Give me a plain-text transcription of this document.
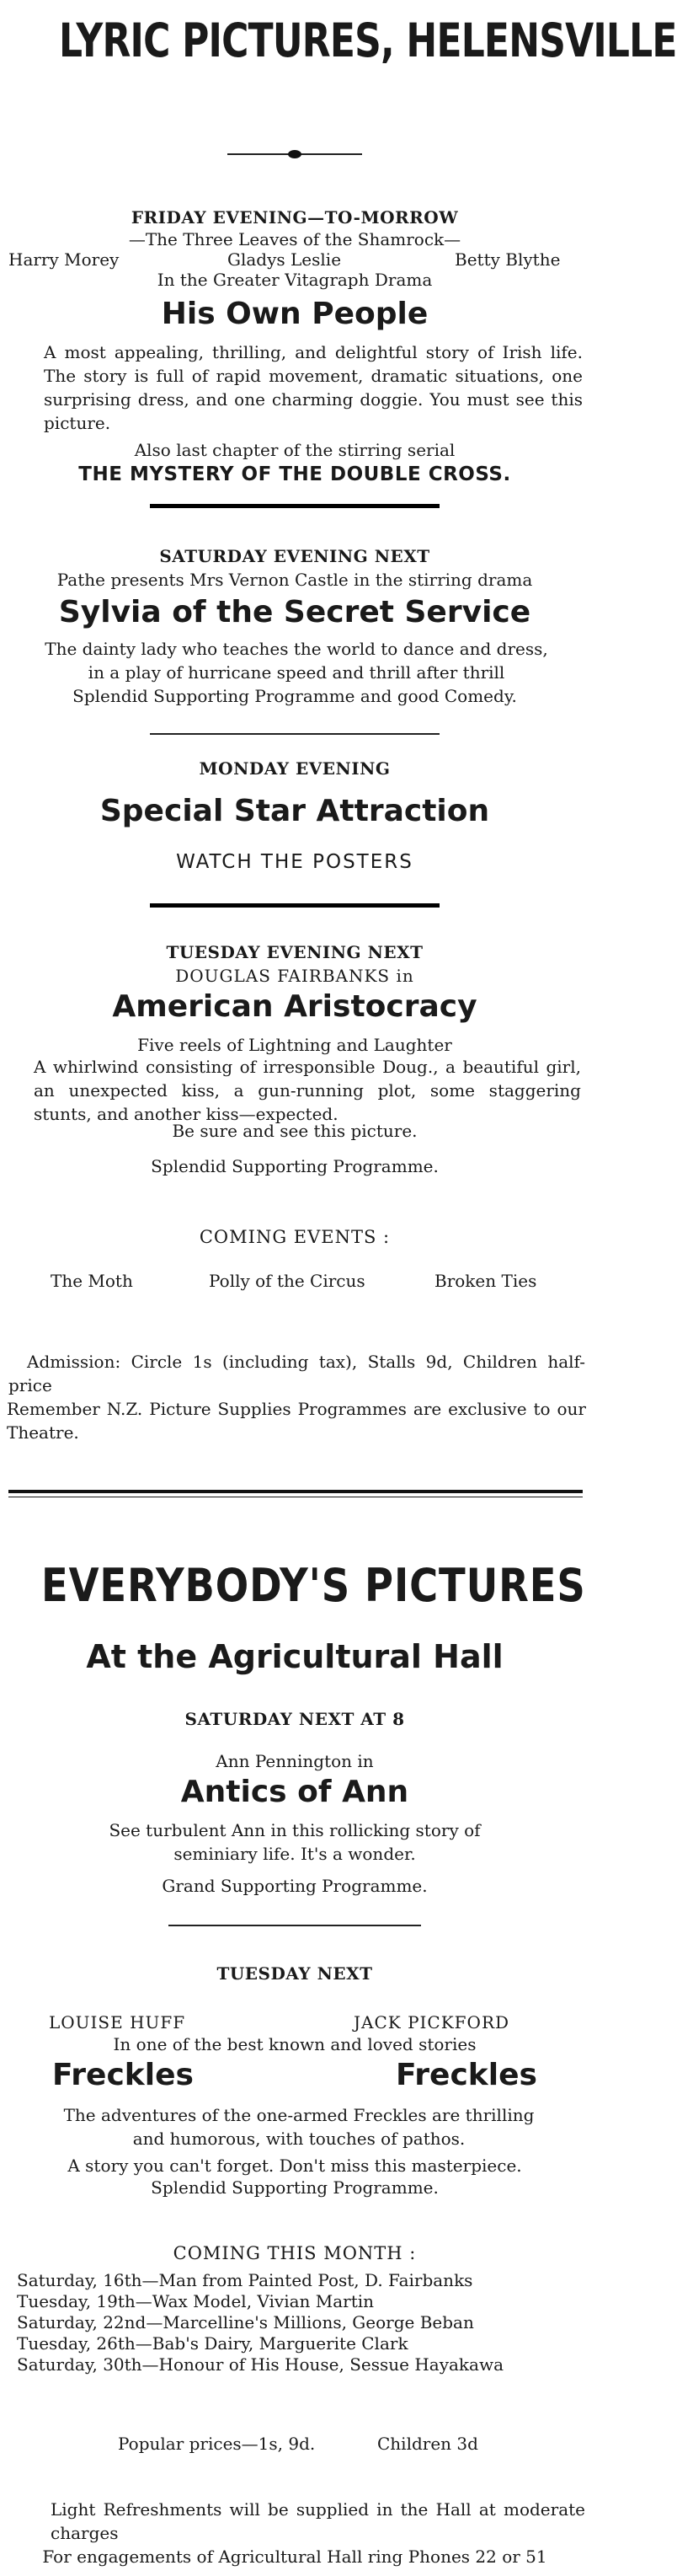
LYRIC PICTURES, HELENSVILLE
FRIDAY EVENING—TO-MORROW
—The Three Leaves of the Shamrock—
Harry Morey	Gladys Leslie	Betty Blythe
In the Greater Vitagraph Drama
His Own People
A most appealing, thrilling, and delightful story of Irish life. The story is full of rapid movement, dramatic situations, one surprising dress, and one charming doggie. You must see this picture.
Also last chapter of the stirring serial
THE MYSTERY OF THE DOUBLE CROSS.
SATURDAY EVENING NEXT
Pathe presents Mrs Vernon Castle in the stirring drama
Sylvia of the Secret Service
The dainty lady who teaches the world to dance and dress, in a play of hurricane speed and thrill after thrill
Splendid Supporting Programme and good Comedy.
MONDAY EVENING
Special Star Attraction
WATCH THE POSTERS
TUESDAY EVENING NEXT
DOUGLAS FAIRBANKS in
American Aristocracy
Five reels of Lightning and Laughter
A whirlwind consisting of irresponsible Doug., a beautiful girl, an unexpected kiss, a gun-running plot, some staggering stunts, and another kiss—expected.
Be sure and see this picture.
Splendid Supporting Programme.
COMING EVENTS :
The Moth	Polly of the Circus	Broken Ties
Admission: Circle 1s (including tax), Stalls 9d, Children half-price
Remember N.Z. Picture Supplies Programmes are exclusive to our Theatre.
EVERYBODY'S PICTURES
At the Agricultural Hall
SATURDAY NEXT AT 8
Ann Pennington in
Antics of Ann
See turbulent Ann in this rollicking story of seminiary life. It's a wonder.
Grand Supporting Programme.
TUESDAY NEXT
LOUISE HUFF	JACK PICKFORD
In one of the best known and loved stories
Freckles	Freckles
The adventures of the one-armed Freckles are thrilling and humorous, with touches of pathos.
A story you can't forget. Don't miss this masterpiece.
Splendid Supporting Programme.
COMING THIS MONTH :
Saturday, 16th—Man from Painted Post, D. Fairbanks
Tuesday, 19th—Wax Model, Vivian Martin
Saturday, 22nd—Marcelline's Millions, George Beban
Tuesday, 26th—Bab's Dairy, Marguerite Clark
Saturday, 30th—Honour of His House, Sessue Hayakawa
Popular prices—1s, 9d.	Children 3d
Light Refreshments will be supplied in the Hall at moderate charges
For engagements of Agricultural Hall ring Phones 22 or 51
